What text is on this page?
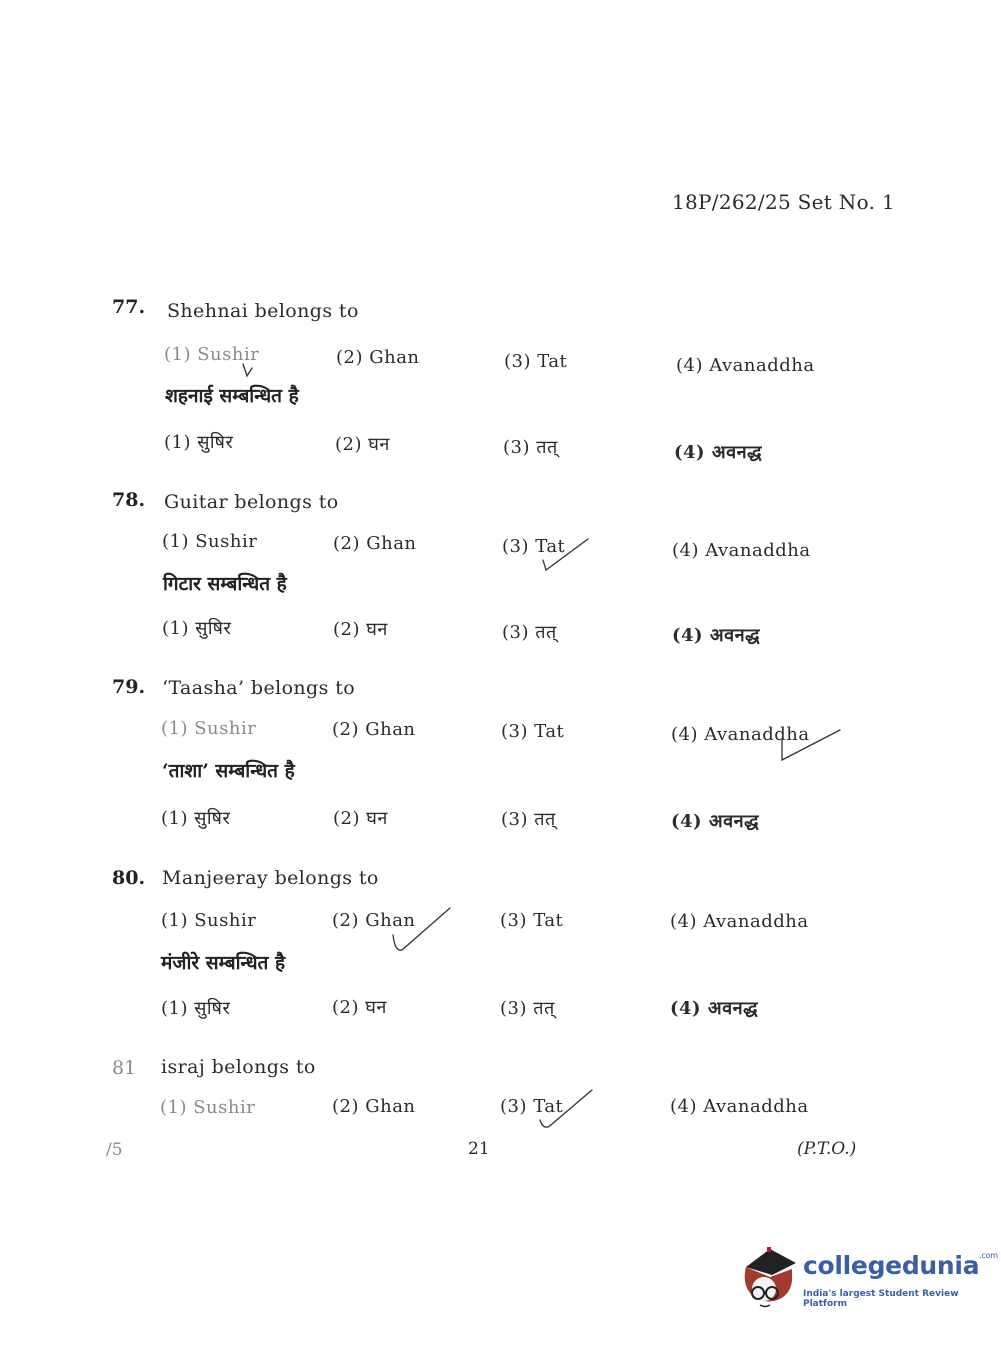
18P/262/25 Set No. 1
77. Shehnai belongs to
(1) Sushir	(2) Ghan	(3) Tat	(4) Avanaddha
शहनाई सम्बन्धित है
(1) सुषिर	(2) घन	(3) तत्	(4) अवनद्ध
78. Guitar belongs to
(1) Sushir	(2) Ghan	(3) Tat	(4) Avanaddha
गिटार सम्बन्धित है
(1) सुषिर	(2) घन	(3) तत्	(4) अवनद्ध
79. ‘Taasha’ belongs to
(1) Sushir	(2) Ghan	(3) Tat	(4) Avanaddha
‘ताशा’ सम्बन्धित है
(1) सुषिर	(2) घन	(3) तत्	(4) अवनद्ध
80. Manjeeray belongs to
(1) Sushir	(2) Ghan	(3) Tat	(4) Avanaddha
मंजीरे सम्बन्धित है
(1) सुषिर	(2) घन	(3) तत्	(4) अवनद्ध
81 israj belongs to
(1) Sushir	(2) Ghan	(3) Tat	(4) Avanaddha
/5	21	(P.T.O.)
collegedunia$^{.com}$
India's largest Student Review Platform
